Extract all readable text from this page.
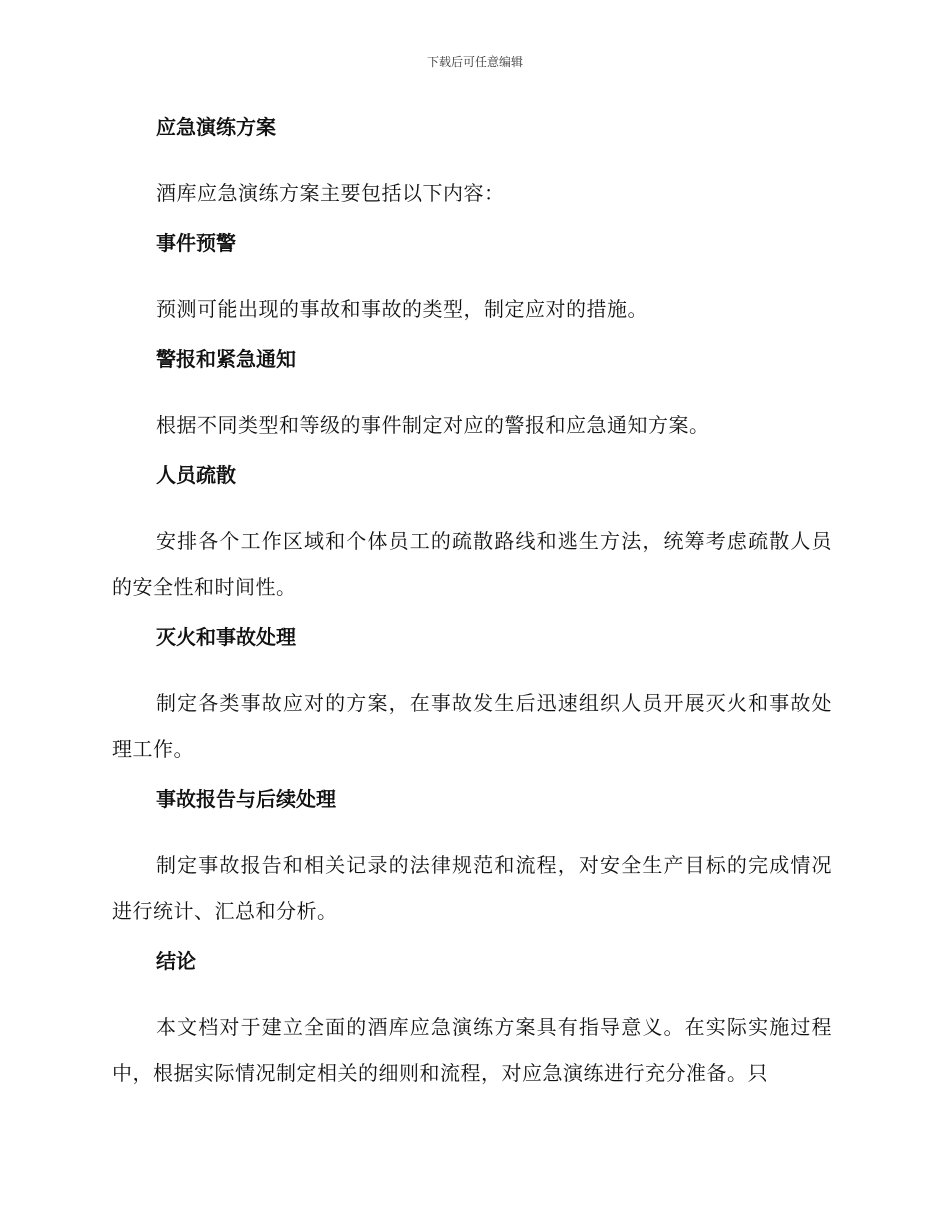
下载后可任意编辑
应急演练方案

酒库应急演练方案主要包括以下内容：

事件预警

预测可能出现的事故和事故的类型，制定应对的措施。

警报和紧急通知

根据不同类型和等级的事件制定对应的警报和应急通知方案。

人员疏散

安排各个工作区域和个体员工的疏散路线和逃生方法，统筹考虑疏散人员的安全性和时间性。

灭火和事故处理

制定各类事故应对的方案，在事故发生后迅速组织人员开展灭火和事故处理工作。

事故报告与后续处理

制定事故报告和相关记录的法律规范和流程，对安全生产目标的完成情况进行统计、汇总和分析。

结论

本文档对于建立全面的酒库应急演练方案具有指导意义。在实际实施过程中，根据实际情况制定相关的细则和流程，对应急演练进行充分准备。只
